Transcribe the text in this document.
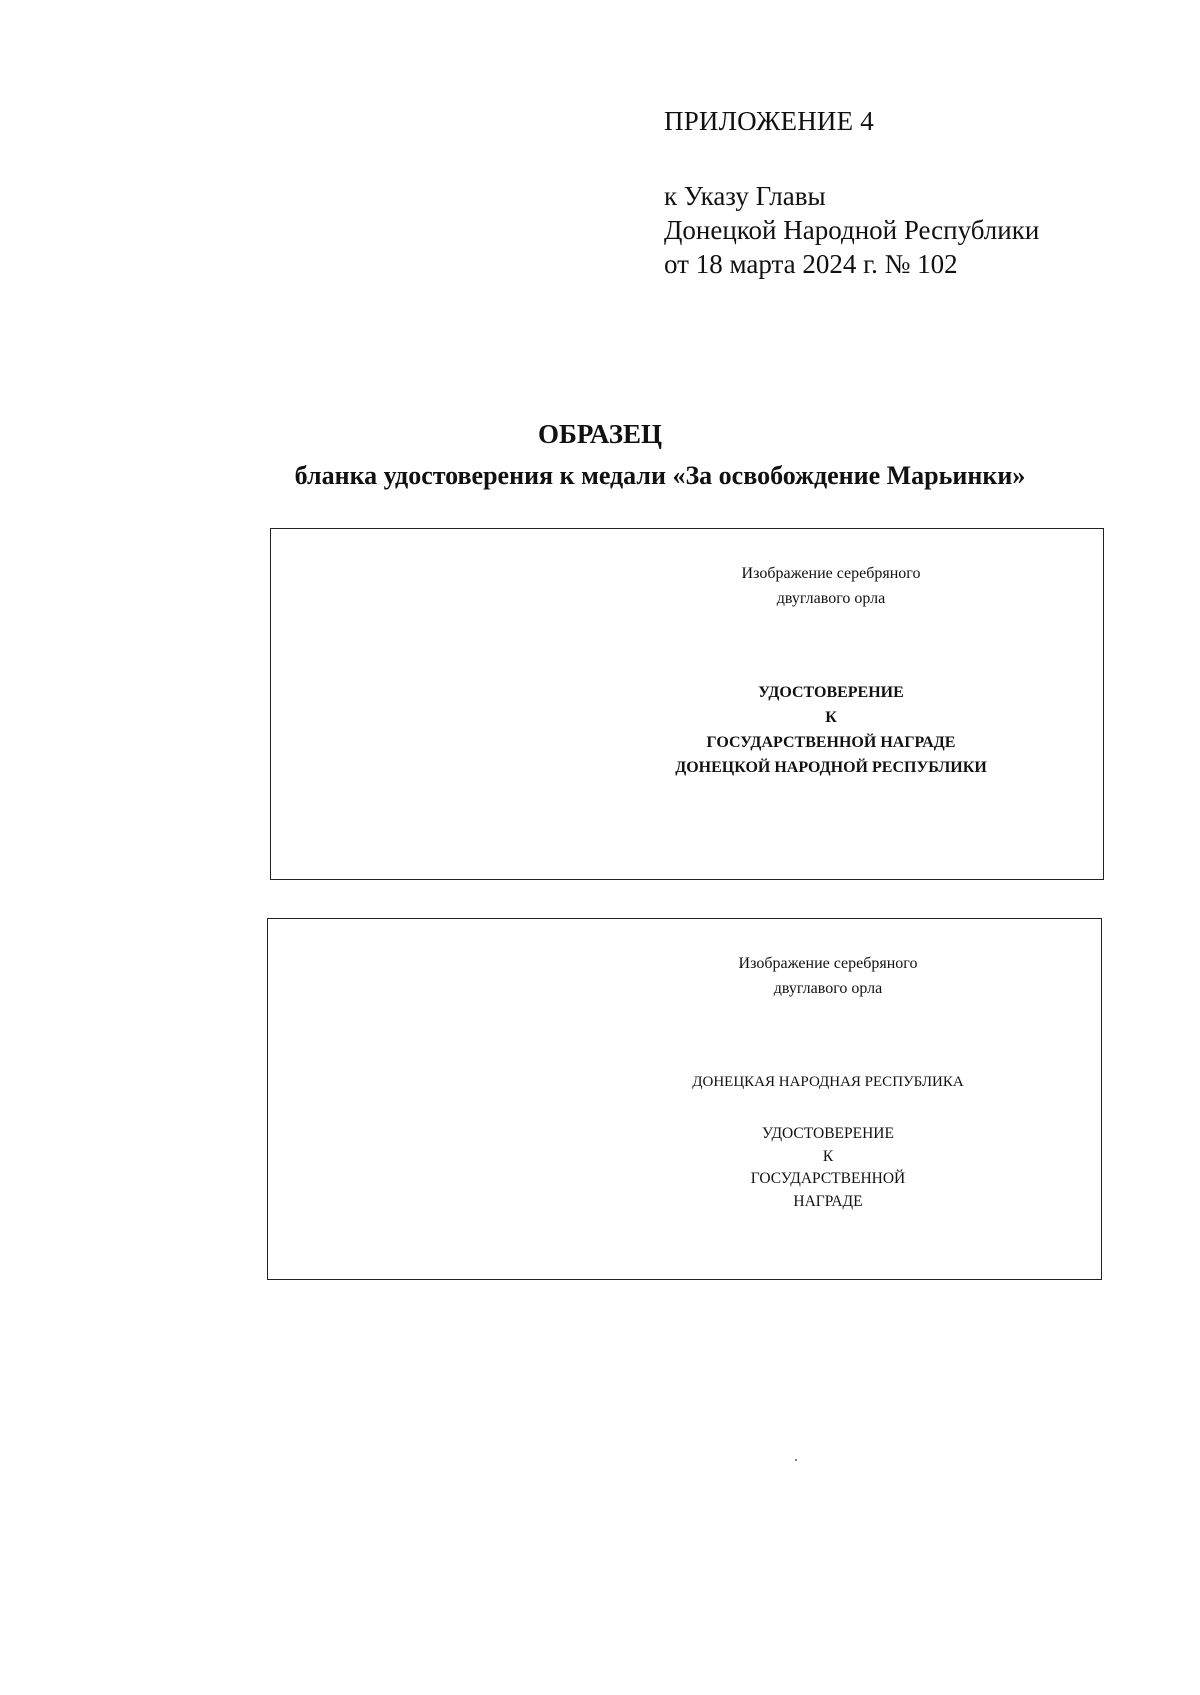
ПРИЛОЖЕНИЕ 4
к Указу Главы
Донецкой Народной Республики
от 18 марта 2024 г. № 102
ОБРАЗЕЦ
бланка удостоверения к медали «За освобождение Марьинки»
Изображение серебряного
двуглавого орла
УДОСТОВЕРЕНИЕ
К
ГОСУДАРСТВЕННОЙ НАГРАДЕ
ДОНЕЦКОЙ НАРОДНОЙ РЕСПУБЛИКИ
Изображение серебряного
двуглавого орла
ДОНЕЦКАЯ НАРОДНАЯ РЕСПУБЛИКА
УДОСТОВЕРЕНИЕ
К
ГОСУДАРСТВЕННОЙ
НАГРАДЕ
